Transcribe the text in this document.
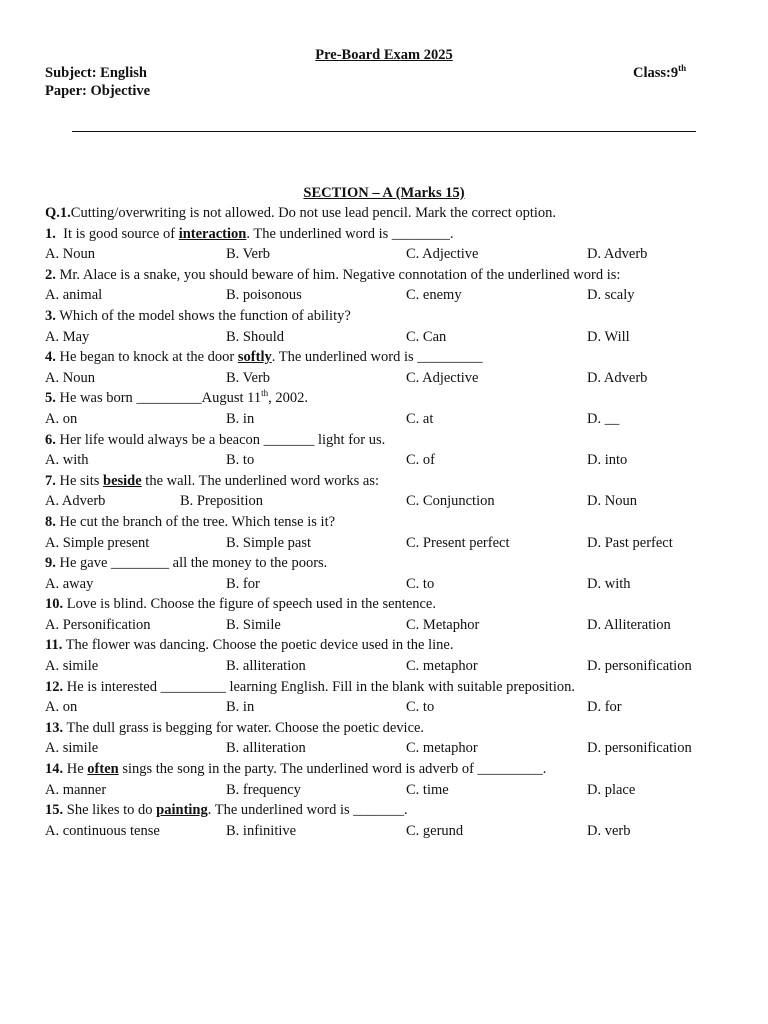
Pre-Board Exam 2025
Subject: English
Paper: Objective
Class:9th
SECTION – A (Marks 15)
Q.1.Cutting/overwriting is not allowed. Do not use lead pencil. Mark the correct option.
1.  It is good source of interaction. The underlined word is ________.
A. Noun	B. Verb	C. Adjective	D. Adverb
2. Mr. Alace is a snake, you should beware of him. Negative connotation of the underlined word is:
A. animal	B. poisonous	C. enemy	D. scaly
3. Which of the model shows the function of ability?
A. May	B. Should	C. Can	D. Will
4. He began to knock at the door softly. The underlined word is _________
A. Noun	B. Verb	C. Adjective	D. Adverb
5. He was born _________August 11th, 2002.
A. on	B. in	C. at	D. __
6. Her life would always be a beacon _______ light for us.
A. with	B. to	C. of	D. into
7. He sits beside the wall. The underlined word works as:
A. Adverb	B. Preposition	C. Conjunction	D. Noun
8. He cut the branch of the tree. Which tense is it?
A. Simple present	B. Simple past	C. Present perfect	D. Past perfect
9. He gave ________ all the money to the poors.
A. away	B. for	C. to	D. with
10. Love is blind. Choose the figure of speech used in the sentence.
A. Personification	B. Simile	C. Metaphor	D. Alliteration
11. The flower was dancing. Choose the poetic device used in the line.
A. simile	B. alliteration	C. metaphor	D. personification
12. He is interested _________ learning English. Fill in the blank with suitable preposition.
A. on	B. in	C. to	D. for
13. The dull grass is begging for water. Choose the poetic device.
A. simile	B. alliteration	C. metaphor	D. personification
14. He often sings the song in the party. The underlined word is adverb of _________.
A. manner	B. frequency	C. time	D. place
15. She likes to do painting. The underlined word is _______.
A. continuous tense	B. infinitive	C. gerund	D. verb
